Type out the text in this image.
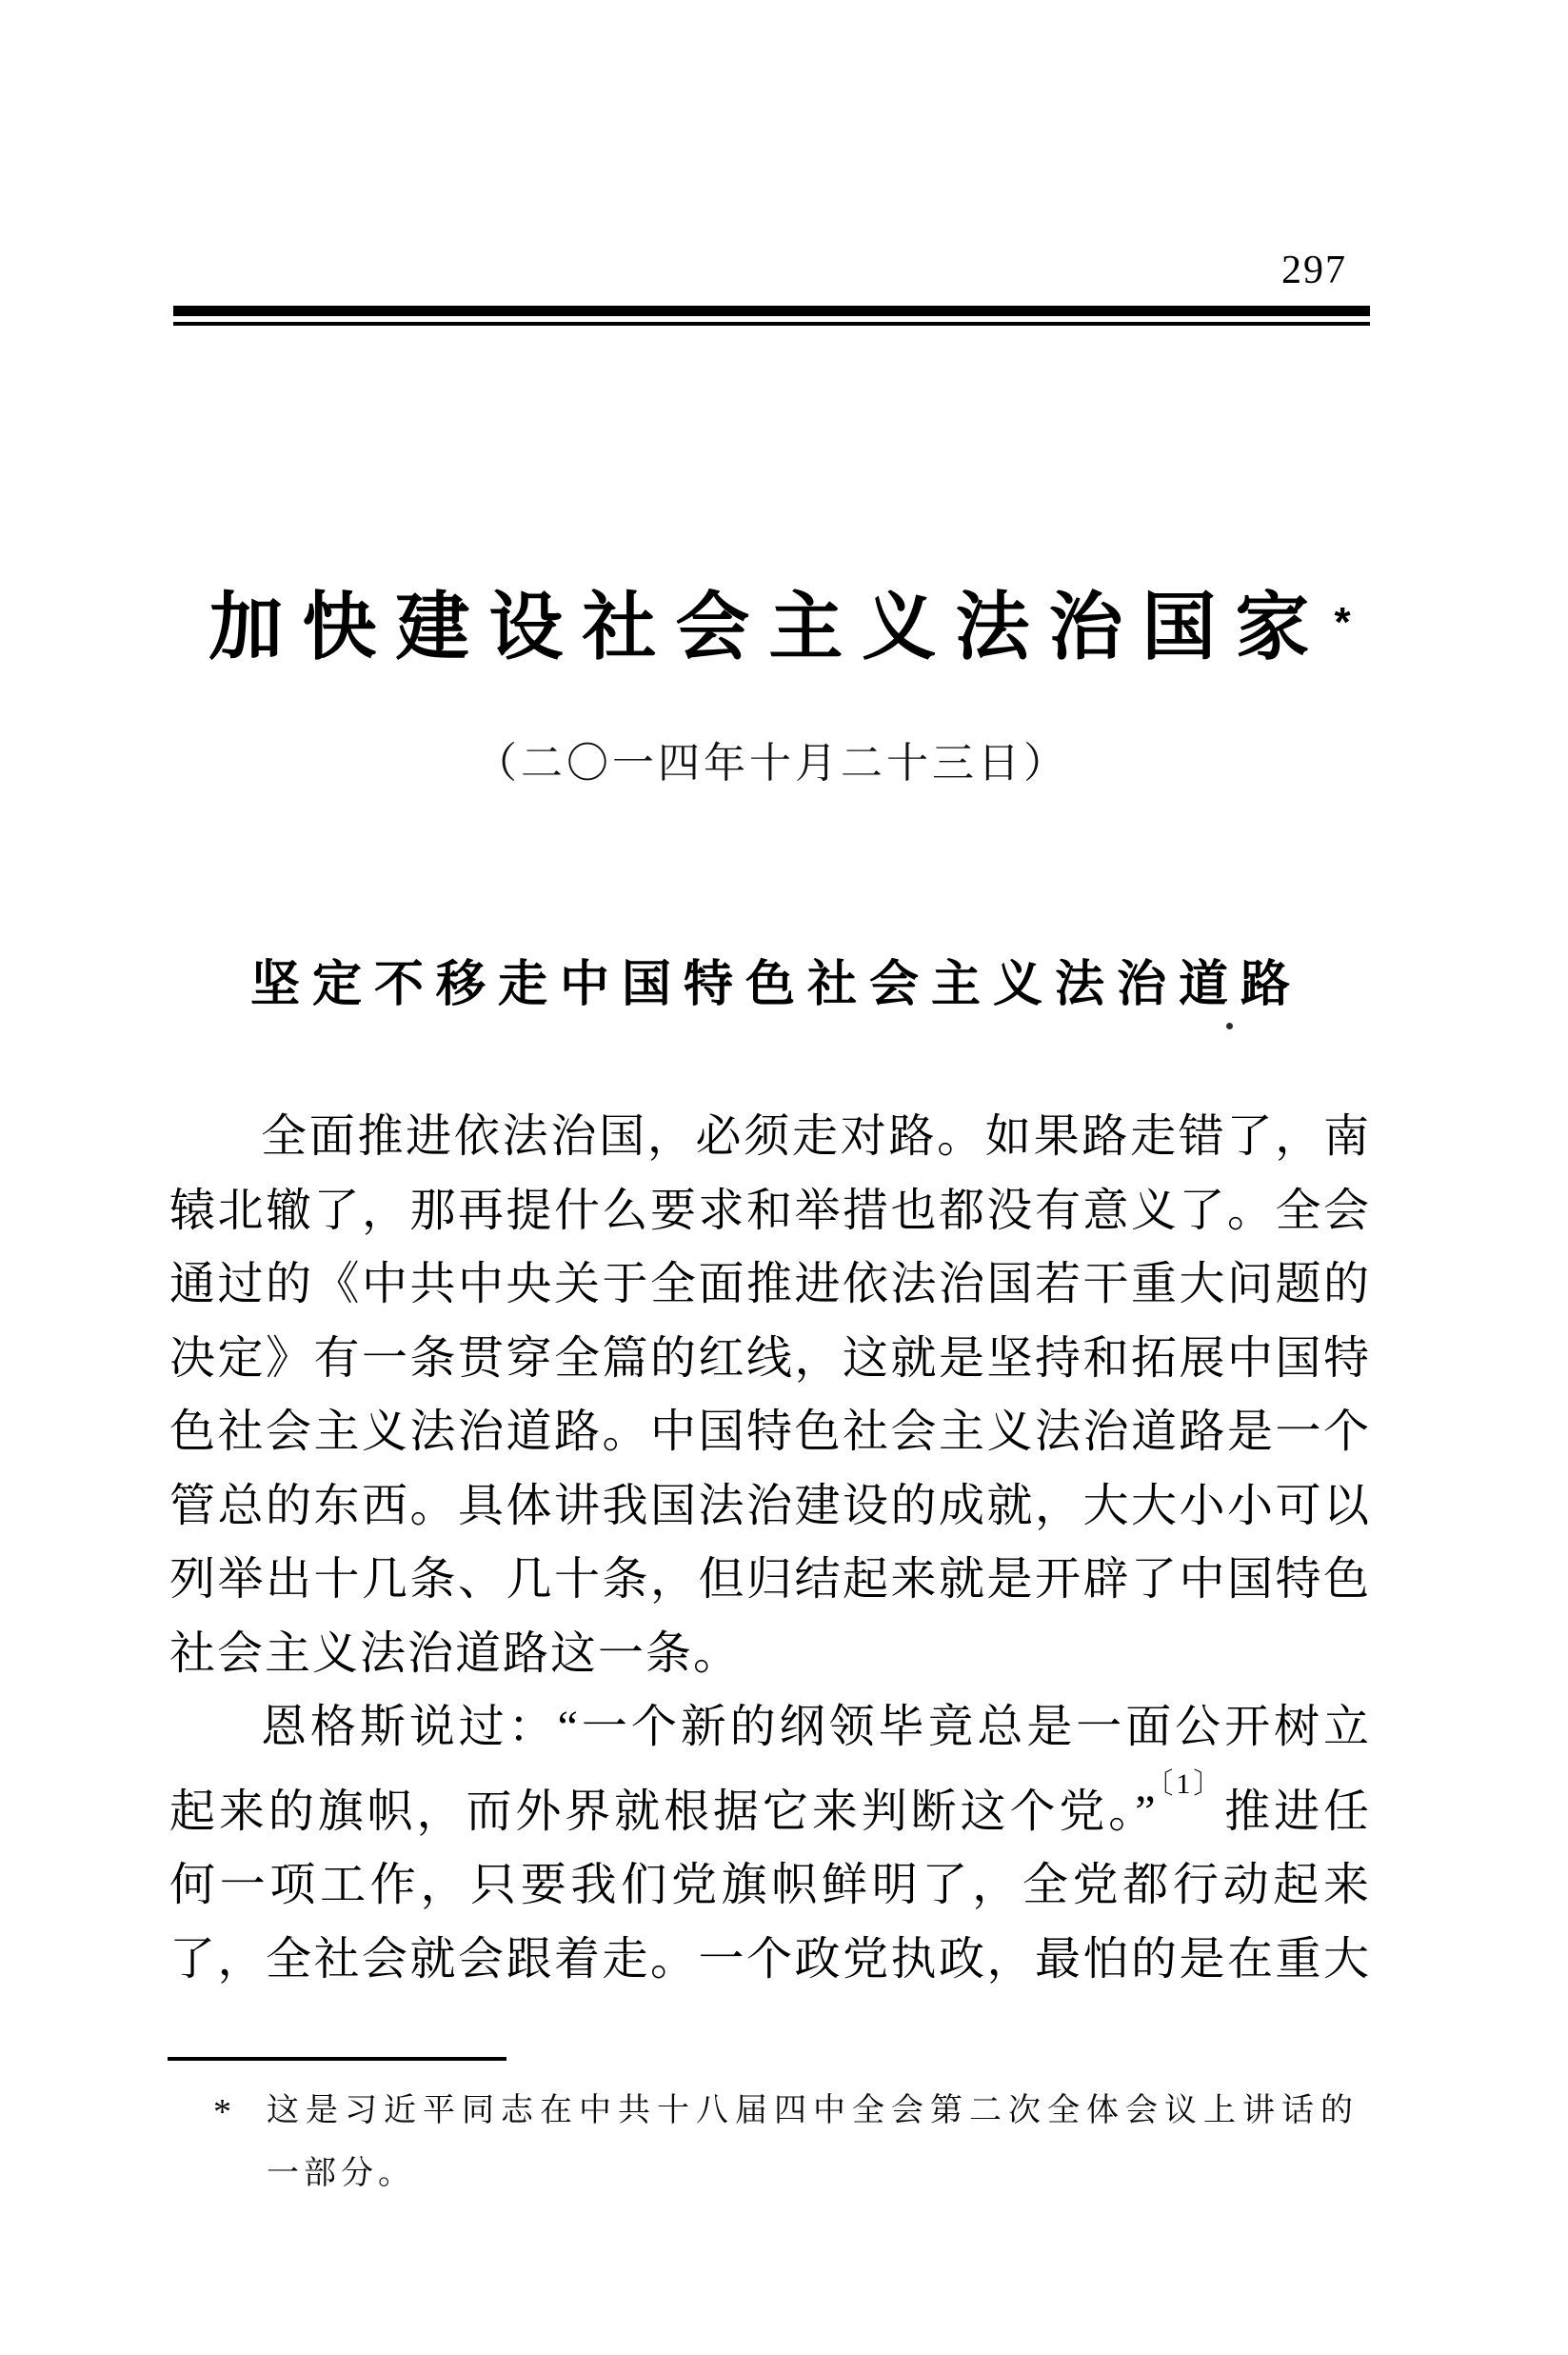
297
加快建设社会主义法治国家 *
（二〇一四年十月二十三日）
坚定不移走中国特色社会主义法治道路

全面推进依法治国，必须走对路。如果路走错了，南

辕北辙了，那再提什么要求和举措也都没有意义了。全会

通过的《中共中央关于全面推进依法治国若干重大问题的

决定》有一条贯穿全篇的红线，这就是坚持和拓展中国特

色社会主义法治道路。中国特色社会主义法治道路是一个

管总的东西。具体讲我国法治建设的成就，大大小小可以

列举出十几条、几十条，但归结起来就是开辟了中国特色

社会主义法治道路这一条。

恩格斯说过：“一个新的纲领毕竟总是一面公开树立

起来的旗帜，而外界就根据它来判断这个党。”$^{〔1〕}$推进任

何一项工作，只要我们党旗帜鲜明了，全党都行动起来

了，全社会就会跟着走。一个政党执政，最怕的是在重大

* 这是习近平同志在中共十八届四中全会第二次全体会议上讲话的

一部分。
